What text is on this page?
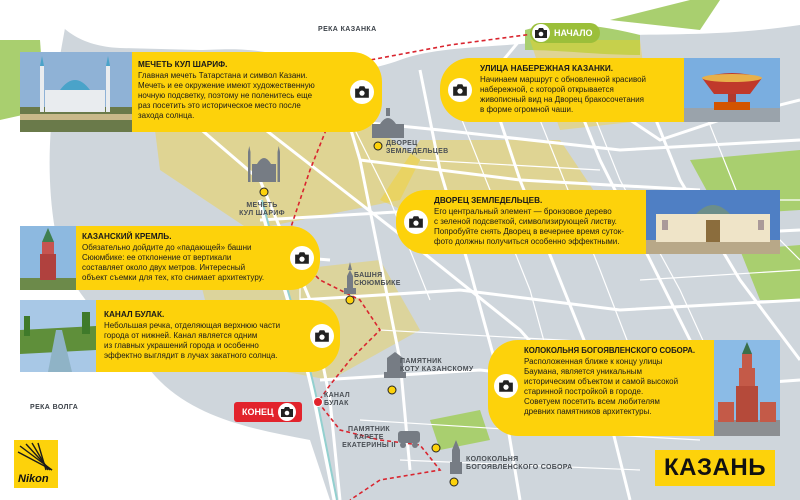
РЕКА КАЗАНКА
РЕКА ВОЛГА
МЕЧЕТЬ
КУЛ ШАРИФ
ДВОРЕЦ
ЗЕМЛЕДЕЛЬЦЕВ
БАШНЯ
СЮЮМБИКЕ
ПАМЯТНИК
КОТУ КАЗАНСКОМУ
КАНАЛ
БУЛАК
ПАМЯТНИК КАРЕТЕ
ЕКАТЕРИНЫ II
КОЛОКОЛЬНЯ
БОГОЯВЛЕНСКОГО СОБОРА
НАЧАЛО
КОНЕЦ
МЕЧЕТЬ КУЛ ШАРИФ.
Главная мечеть Татарстана и символ Казани.
Мечеть и ее окружение имеют художественную
ночную подсветку, поэтому не поленитесь еще
раз посетить это историческое место после
захода солнца.
УЛИЦА НАБЕРЕЖНАЯ КАЗАНКИ.
Начинаем маршрут с обновленной красивой
набережной, с которой открывается
живописный вид на Дворец бракосочетания
в форме огромной чаши.
ДВОРЕЦ ЗЕМЛЕДЕЛЬЦЕВ.
Его центральный элемент — бронзовое дерево
с зеленой подсветкой, символизирующей листву.
Попробуйте снять Дворец в вечернее время суток-
фото должны получиться особенно эффектными.
КАЗАНСКИЙ КРЕМЛЬ.
Обязательно дойдите до «падающей» башни
Сююмбике: ее отклонение от вертикали
составляет около двух метров. Интересный
объект съемки для тех, кто снимает архитектуру.
КАНАЛ БУЛАК.
Небольшая речка, отделяющая верхнюю части
города от нижней. Канал является одним
из главных украшений города и особенно
эффектно выглядит в лучах закатного солнца.
КОЛОКОЛЬНЯ БОГОЯВЛЕНСКОГО СОБОРА.
Расположенная ближе к концу улицы
Баумана, является уникальным
историческим объектом и самой высокой
старинной постройкой в городе.
Советуем посетить всем любителям
древних памятников архитектуры.
КАЗАНЬ
Nikon
